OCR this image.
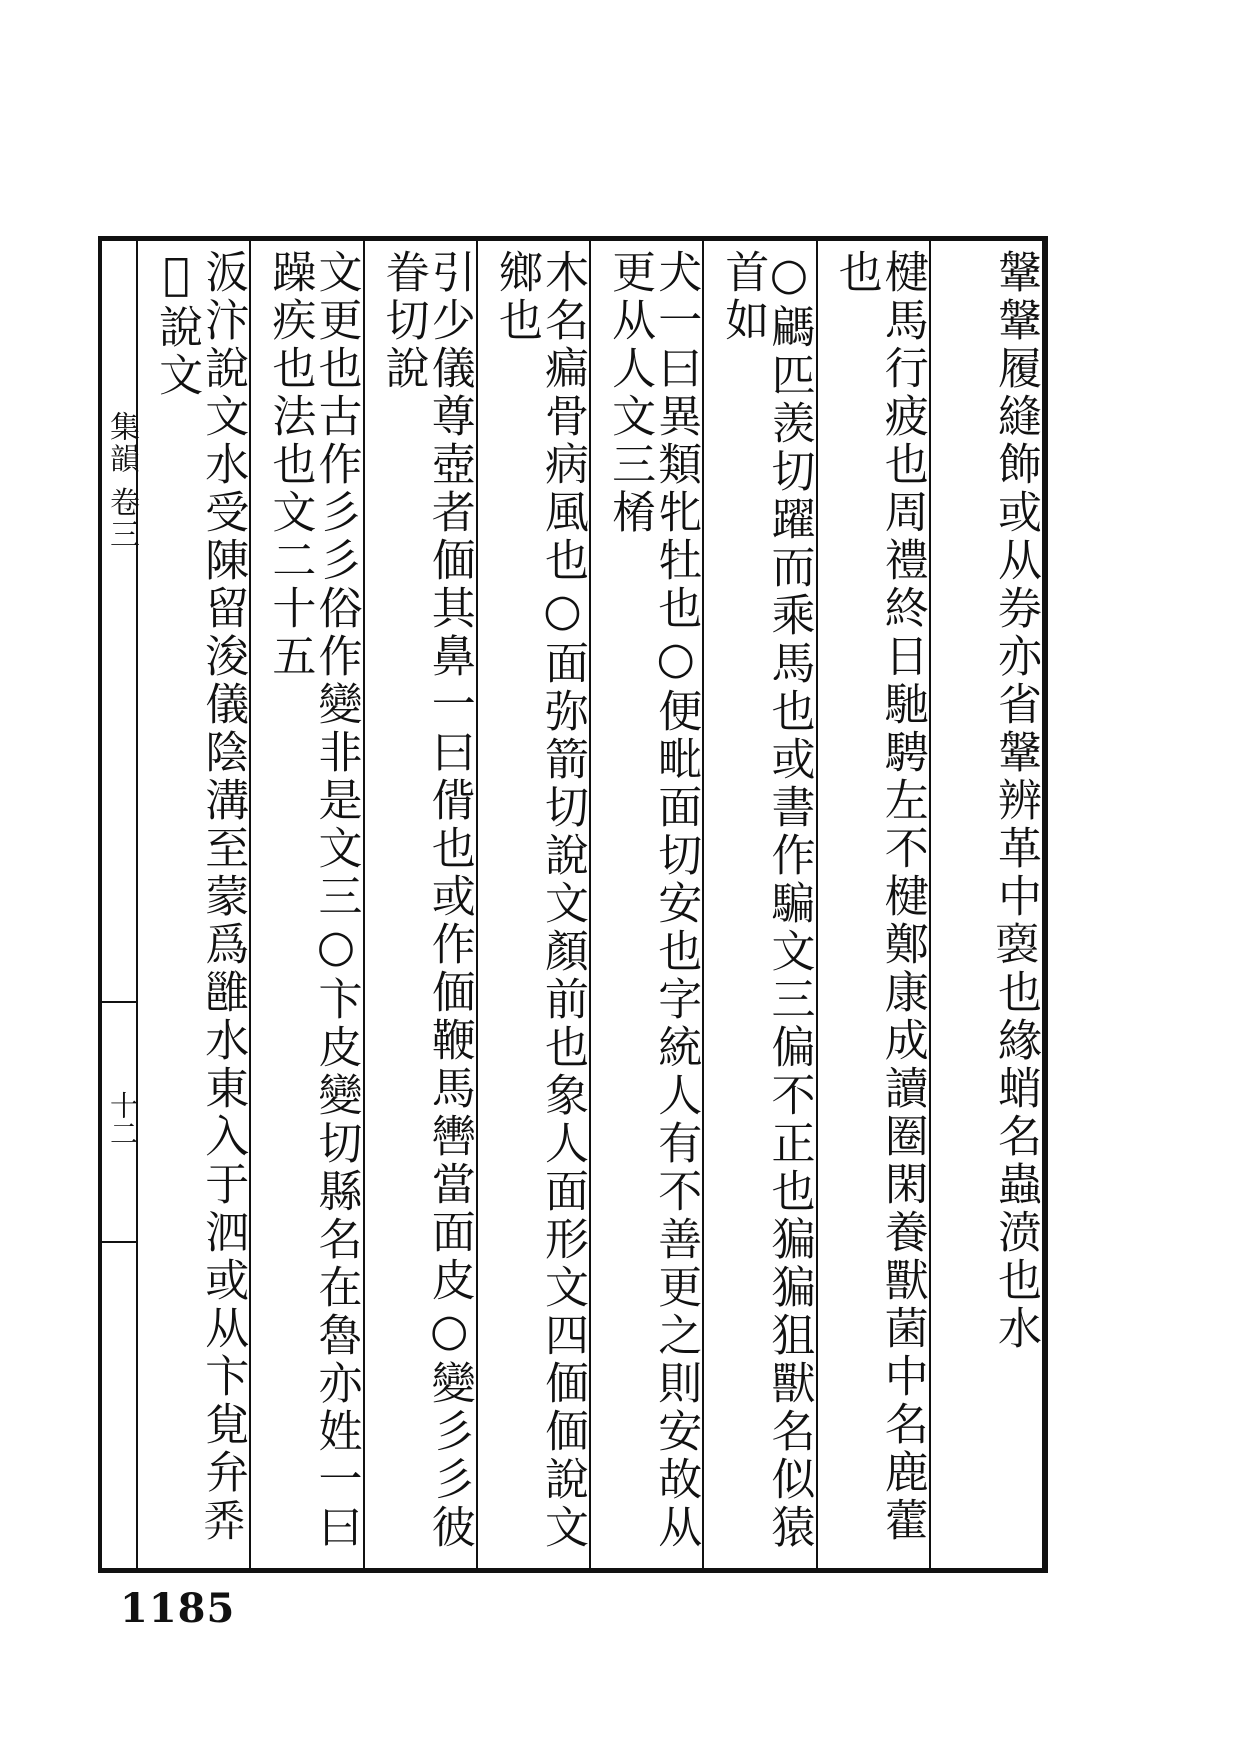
集韻 卷三
十二	鞶鞶履縫飾或从券亦省鞶辨革中𧜟也緣蛸名蟲𣸣也水
楗馬行疲也周禮終日馳騁左不楗鄭康成讀圈閑養獸菌中名鹿藿也
○騗匹羡切躍而乘馬也或書作騙文三偏不正也猵猵狙獸名似猿首如
犬一曰異類牝牡也○便毗面切安也字統人有不善更之則安故从更从人文三㮁
木名㾫骨病風也○面弥箭切說文顏前也象人面形文四偭偭說文鄉也
引少儀尊壺者偭其鼻一曰偝也或作偭鞭馬轡當面皮○變彡彡彼眷切說
文更也古作彡彡俗作變非是文三○卞皮變切縣名在魯亦姓一曰躁疾也法也文二十五
汳汴說文水受陳留浚儀陰溝至蒙爲雝水東入于泗或从卞覍弁𢍏𦀲說文
1185
